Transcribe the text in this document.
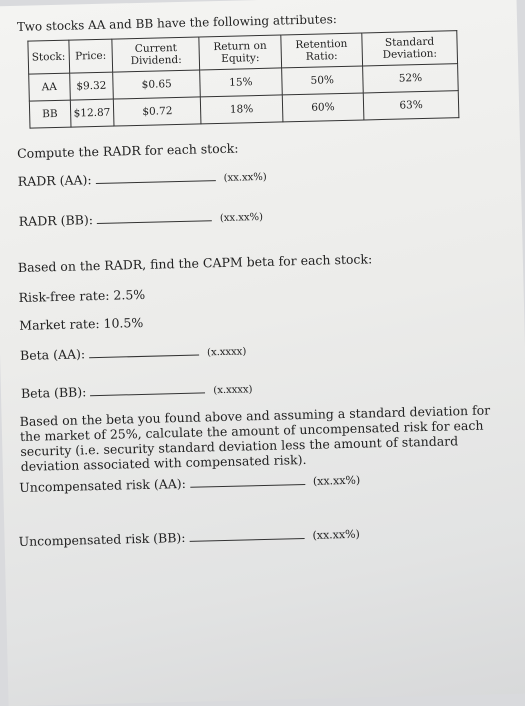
Two stocks AA and BB have the following attributes:
Stock:	Price:	Current Dividend:	Return on Equity:	Retention Ratio:	Standard Deviation:
AA	$9.32	$0.65	15%	50%	52%
BB	$12.87	$0.72	18%	60%	63%
Compute the RADR for each stock:
RADR (AA):	(xx.xx%)
RADR (BB):	(xx.xx%)
Based on the RADR, find the CAPM beta for each stock:
Risk-free rate: 2.5%
Market rate: 10.5%
Beta (AA):	(x.xxxx)
Beta (BB):	(x.xxxx)
Based on the beta you found above and assuming a standard deviation for the market of 25%, calculate the amount of uncompensated risk for each security (i.e. security standard deviation less the amount of standard deviation associated with compensated risk).
Uncompensated risk (AA):	(xx.xx%)
Uncompensated risk (BB):	(xx.xx%)
